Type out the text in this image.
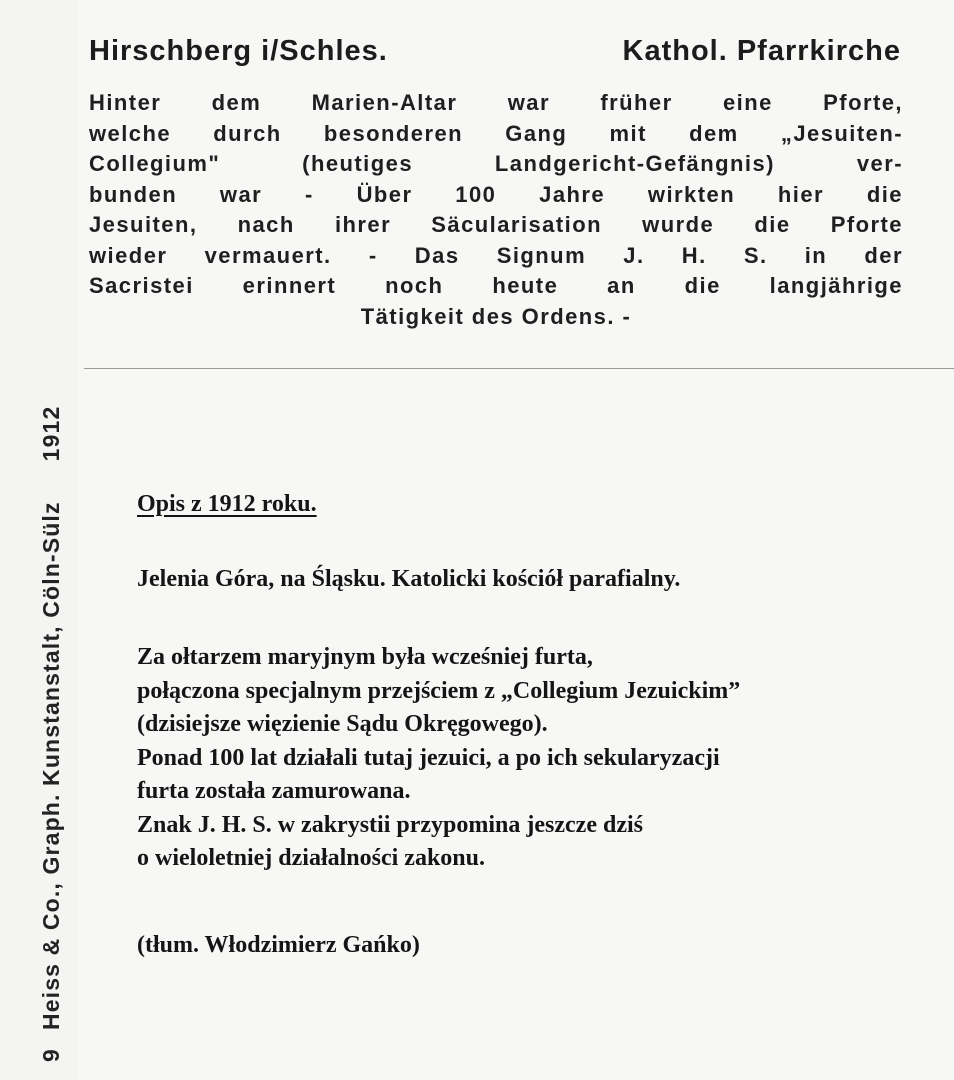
9Heiss & Co., Graph. Kunstanstalt, Cöln-Sülz1912
Hirschberg i/Schles.	Kathol. Pfarrkirche
Hinter dem Marien-Altar war früher eine Pforte,
welche durch besonderen Gang mit dem „Jesuiten-
Collegium" (heutiges Landgericht-Gefängnis) ver-
bunden war - Über 100 Jahre wirkten hier die
Jesuiten, nach ihrer Säcularisation wurde die Pforte
wieder vermauert. - Das Signum J. H. S. in der
Sacristei erinnert noch heute an die langjährige
Tätigkeit des Ordens. -
Opis z 1912 roku.
Jelenia Góra, na Śląsku. Katolicki kościół parafialny.
Za ołtarzem maryjnym była wcześniej furta,
połączona specjalnym przejściem z „Collegium Jezuickim”
(dzisiejsze więzienie Sądu Okręgowego).
Ponad 100 lat działali tutaj jezuici, a po ich sekularyzacji
furta została zamurowana.
Znak J. H. S. w zakrystii przypomina jeszcze dziś
o wieloletniej działalności zakonu.
(tłum. Włodzimierz Gańko)
